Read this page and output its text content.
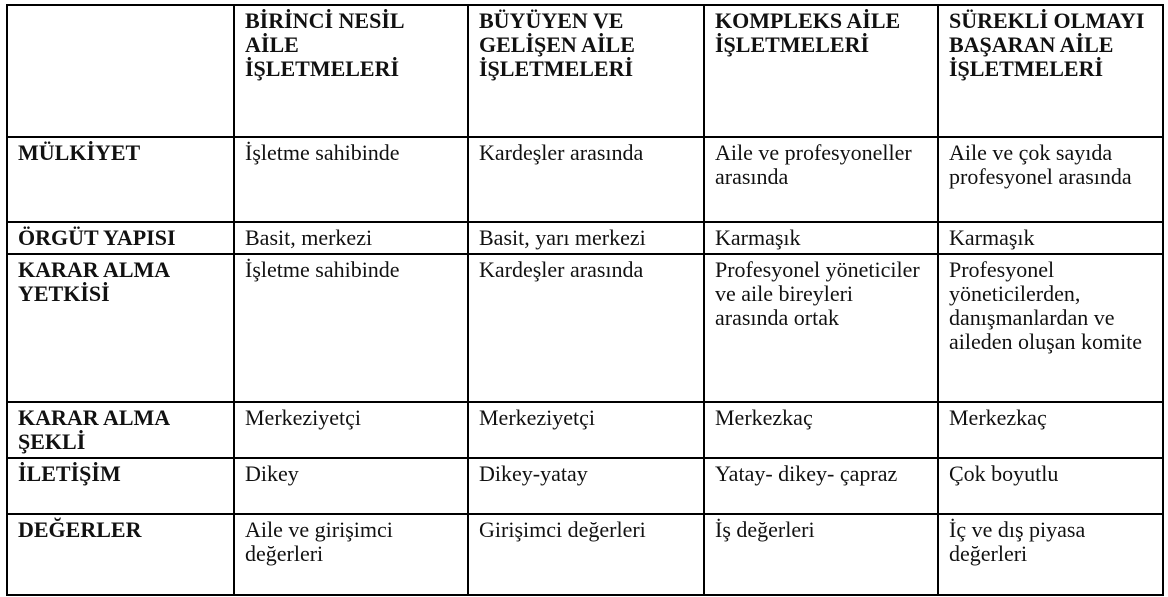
	BİRİNCİ NESİL AİLE İŞLETMELERİ	BÜYÜYEN VE GELİŞEN AİLE İŞLETMELERİ	KOMPLEKS AİLE İŞLETMELERİ	SÜREKLİ OLMAYI BAŞARAN AİLE İŞLETMELERİ
MÜLKİYET	İşletme sahibinde	Kardeşler arasında	Aile ve profesyoneller arasında	Aile ve çok sayıda profesyonel arasında
ÖRGÜT YAPISI	Basit, merkezi	Basit, yarı merkezi	Karmaşık	Karmaşık
KARAR ALMA YETKİSİ	İşletme sahibinde	Kardeşler arasında	Profesyonel yöneticiler ve aile bireyleri arasında ortak	Profesyonel yöneticilerden, danışmanlardan ve aileden oluşan komite
KARAR ALMA ŞEKLİ	Merkeziyetçi	Merkeziyetçi	Merkezkaç	Merkezkaç
İLETİŞİM	Dikey	Dikey-yatay	Yatay- dikey- çapraz	Çok boyutlu
DEĞERLER	Aile ve girişimci değerleri	Girişimci değerleri	İş değerleri	İç ve dış piyasa değerleri
